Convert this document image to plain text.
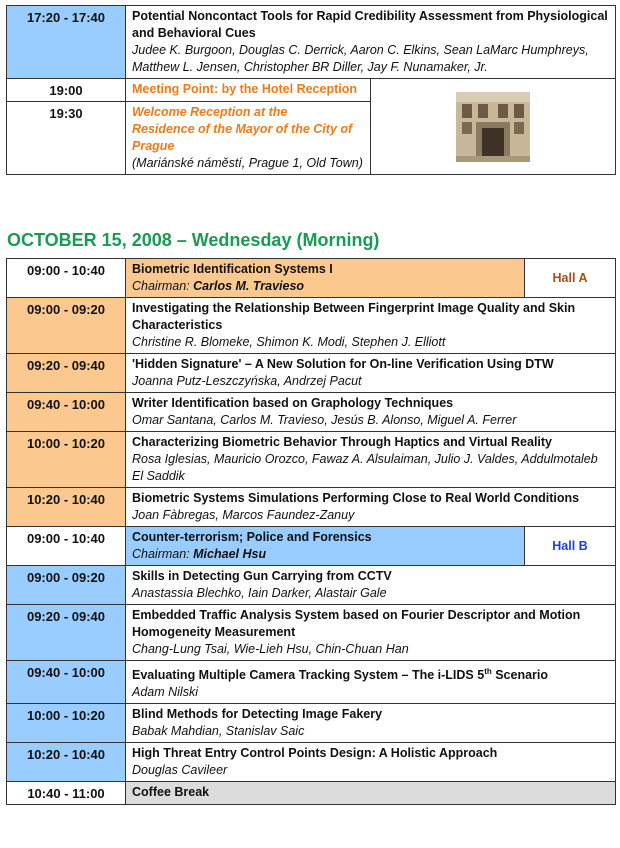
17:20 - 17:40	Potential Noncontact Tools for Rapid Credibility Assessment from Physiological and Behavioral Cues
Judee K. Burgoon, Douglas C. Derrick, Aaron C. Elkins, Sean LaMarc Humphreys, Matthew L. Jensen, Christopher BR Diller, Jay F. Nunamaker, Jr.	

19:00	Meeting Point: by the Hotel Reception

19:30	Welcome Reception at the
Residence of the Mayor of the City of Prague
(Mariánské náměstí, Prague 1, Old Town)	
OCTOBER 15, 2008 – Wednesday (Morning)
09:00 - 10:40	Biometric Identification Systems I
Chairman: Carlos M. Travieso	Hall A
09:00 - 09:20	Investigating the Relationship Between Fingerprint Image Quality and Skin Characteristics
Christine R. Blomeke, Shimon K. Modi, Stephen J. Elliott	

09:20 - 09:40	'Hidden Signature' – A New Solution for On-line Verification Using DTW
Joanna Putz-Leszczyńska, Andrzej Pacut	

09:40 - 10:00	Writer Identification based on Graphology Techniques
Omar Santana, Carlos M. Travieso, Jesús B. Alonso, Miguel A. Ferrer	

10:00 - 10:20	Characterizing Biometric Behavior Through Haptics and Virtual Reality
Rosa Iglesias, Mauricio Orozco, Fawaz A. Alsulaiman, Julio J. Valdes, Addulmotaleb El Saddik	

10:20 - 10:40	Biometric Systems Simulations Performing Close to Real World Conditions
Joan Fàbregas, Marcos Faundez-Zanuy	

09:00 - 10:40	Counter-terrorism; Police and Forensics
Chairman: Michael Hsu	Hall B
09:00 - 09:20	Skills in Detecting Gun Carrying from CCTV
Anastassia Blechko, Iain Darker, Alastair Gale	

09:20 - 09:40	Embedded Traffic Analysis System based on Fourier Descriptor and Motion Homogeneity Measurement
Chang-Lung Tsai, Wie-Lieh Hsu, Chin-Chuan Han	

09:40 - 10:00	Evaluating Multiple Camera Tracking System – The i-LIDS 5th Scenario
Adam Nilski	

10:00 - 10:20	Blind Methods for Detecting Image Fakery
Babak Mahdian, Stanislav Saic	

10:20 - 10:40	High Threat Entry Control Points Design: A Holistic Approach
Douglas Cavileer	

10:40 - 11:00	Coffee Break	
